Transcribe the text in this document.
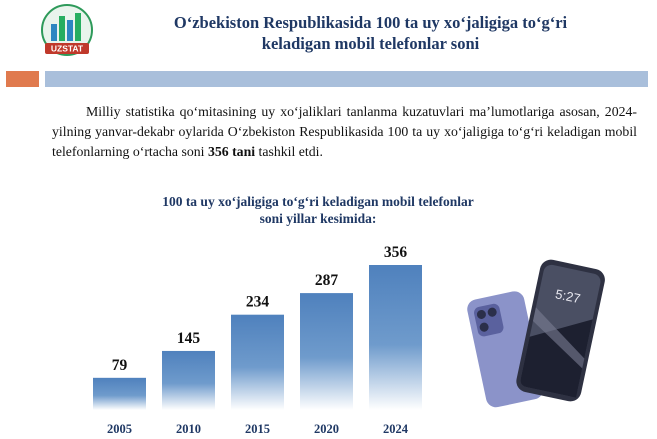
UZSTAT
O‘zbekiston Respublikasida 100 ta uy xo‘jaligiga to‘g‘ri
keladigan mobil telefonlar soni
Milliy statistika qo‘mitasining uy xo‘jaliklari tanlanma kuzatuvlari ma’lumotlariga asosan, 2024-yilning yanvar-dekabr oylarida O‘zbekiston Respublikasida 100 ta uy xo‘jaligiga to‘g‘ri keladigan mobil telefonlarning o‘rtacha soni 356 tani tashkil etdi.
100 ta uy xo‘jaligiga to‘g‘ri keladigan mobil telefonlar
soni yillar kesimida:
79
2005
145
2010
234
2015
287
2020
356
2024
5:27
